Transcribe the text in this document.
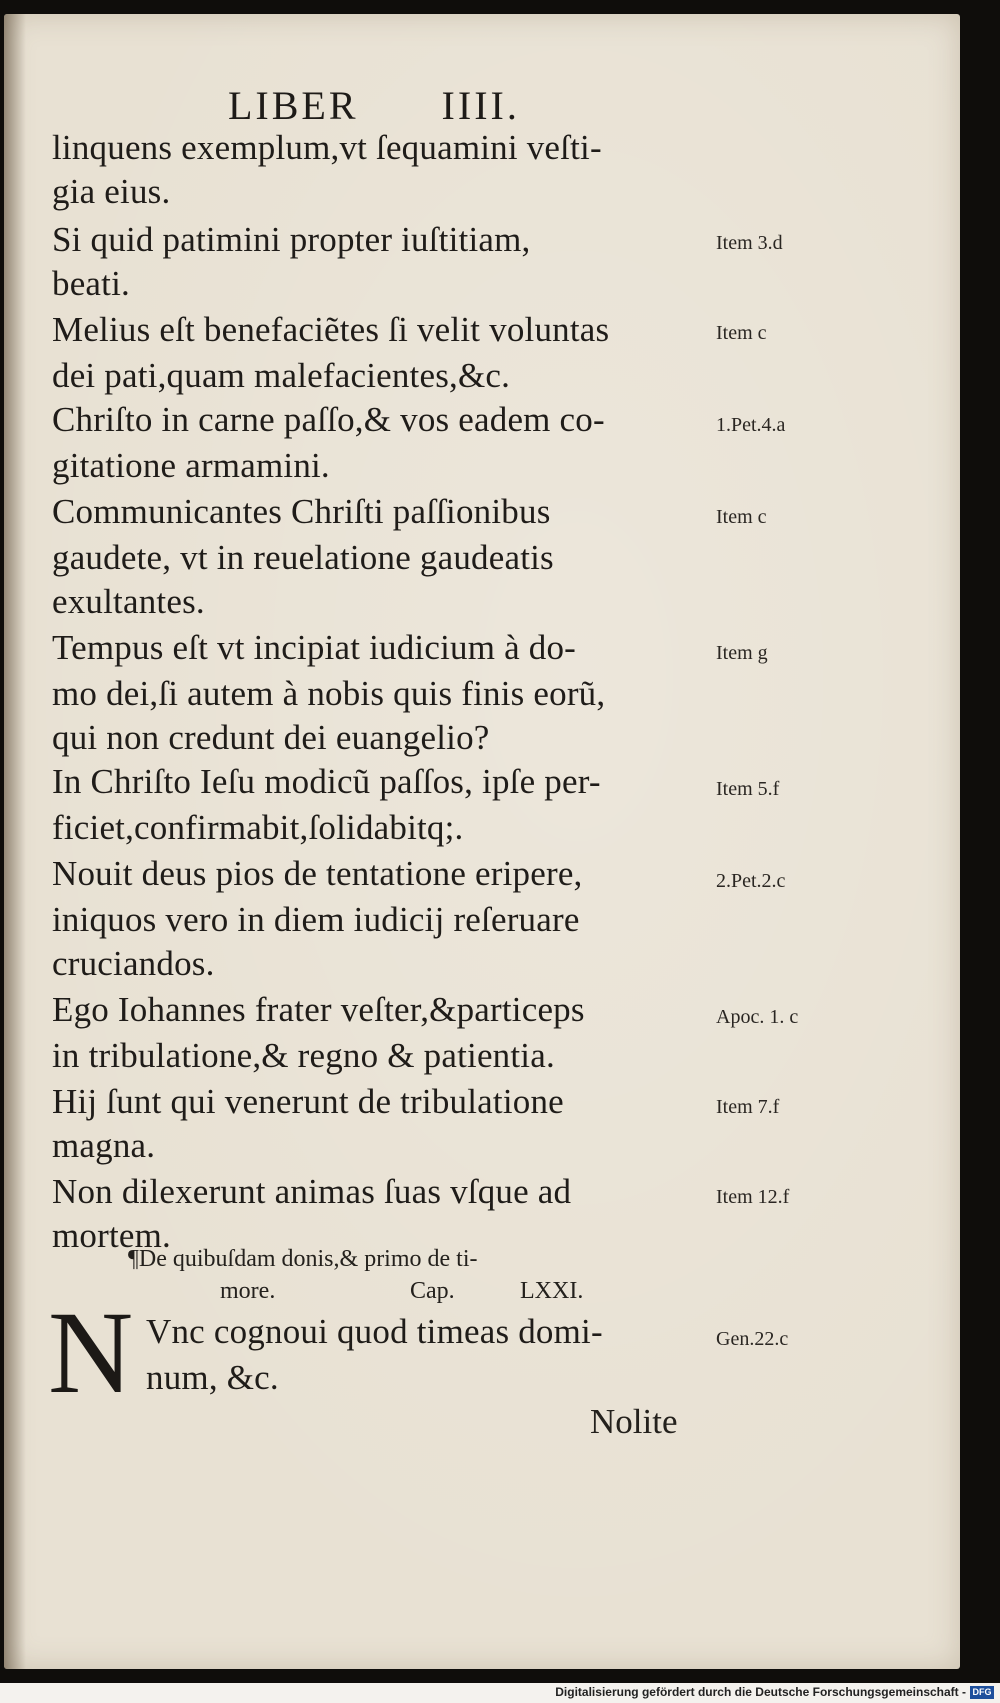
LIBER IIII.
linquens exemplum,vt ſequamini veſti-
gia eius.
Si quid patimini propter iuſtitiam,
beati.
Melius eſt benefaciẽtes ſi velit voluntas
dei pati,quam malefacientes,&c.
Chriſto in carne paſſo,& vos eadem co-
gitatione armamini.
Communicantes Chriſti paſſionibus
gaudete, vt in reuelatione gaudeatis
exultantes.
Tempus eſt vt incipiat iudicium à do-
mo dei,ſi autem à nobis quis finis eorũ,
qui non credunt dei euangelio?
In Chriſto Ieſu modicũ paſſos, ipſe per-
ficiet,confirmabit,ſolidabitq;.
Nouit deus pios de tentatione eripere,
iniquos vero in diem iudicij reſeruare
cruciandos.
Ego Iohannes frater veſter,&particeps
in tribulatione,& regno & patientia.
Hij ſunt qui venerunt de tribulatione
magna.
Non dilexerunt animas ſuas vſque ad
mortem.
Item 3.d
Item c
1.Pet.4.a
Item c
Item g
Item 5.f
2.Pet.2.c
Apoc. 1. c
Item 7.f
Item 12.f
¶De quibuſdam donis,& primo de ti-
more.	Cap.	LXXI.
N Vnc cognoui quod timeas domi-
num, &c.
Gen.22.c
Nolite
Digitalisierung gefördert durch die Deutsche Forschungsgemeinschaft - DFG
